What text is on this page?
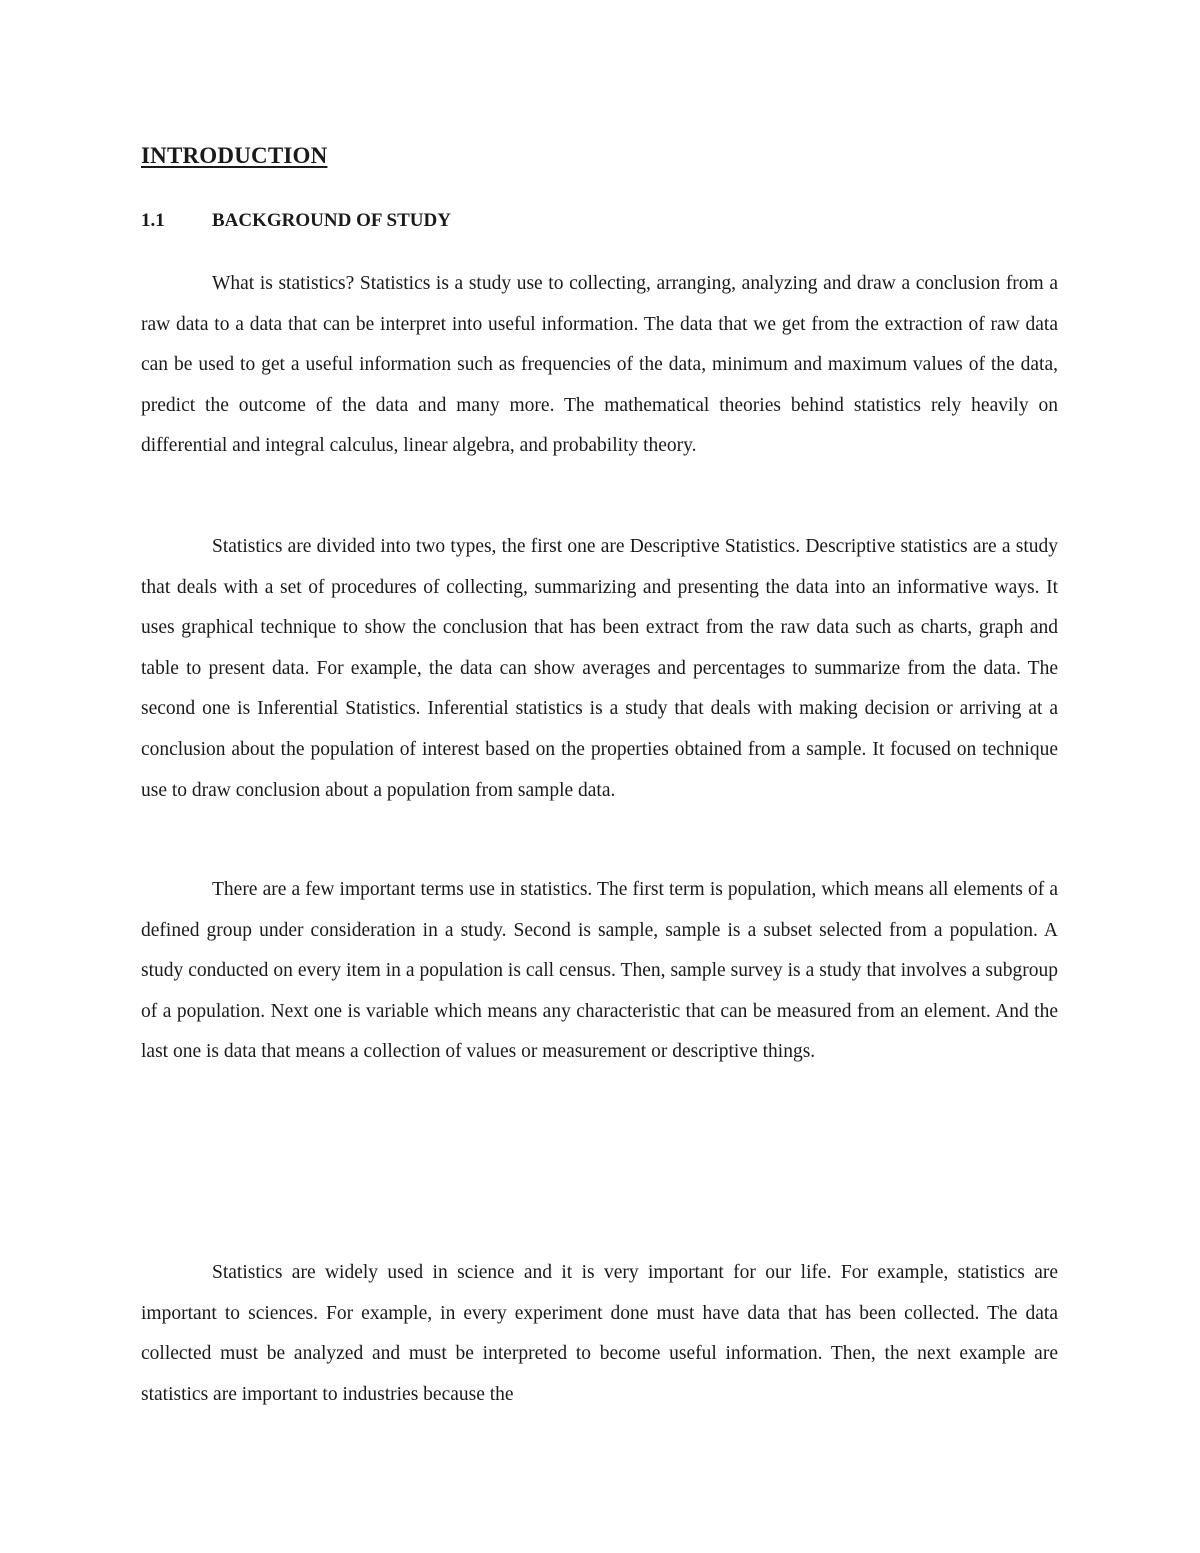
INTRODUCTION
1.1 BACKGROUND OF STUDY

What is statistics? Statistics is a study use to collecting, arranging, analyzing and draw a conclusion from a raw data to a data that can be interpret into useful information. The data that we get from the extraction of raw data can be used to get a useful information such as frequencies of the data, minimum and maximum values of the data, predict the outcome of the data and many more. The mathematical theories behind statistics rely heavily on differential and integral calculus, linear algebra, and probability theory.

Statistics are divided into two types, the first one are Descriptive Statistics. Descriptive statistics are a study that deals with a set of procedures of collecting, summarizing and presenting the data into an informative ways. It uses graphical technique to show the conclusion that has been extract from the raw data such as charts, graph and table to present data. For example, the data can show averages and percentages to summarize from the data. The second one is Inferential Statistics. Inferential statistics is a study that deals with making decision or arriving at a conclusion about the population of interest based on the properties obtained from a sample. It focused on technique use to draw conclusion about a population from sample data.

There are a few important terms use in statistics. The first term is population, which means all elements of a defined group under consideration in a study. Second is sample, sample is a subset selected from a population. A study conducted on every item in a population is call census. Then, sample survey is a study that involves a subgroup of a population. Next one is variable which means any characteristic that can be measured from an element. And the last one is data that means a collection of values or measurement or descriptive things.

Statistics are widely used in science and it is very important for our life. For example, statistics are important to sciences. For example, in every experiment done must have data that has been collected. The data collected must be analyzed and must be interpreted to become useful information. Then, the next example are statistics are important to industries because the
